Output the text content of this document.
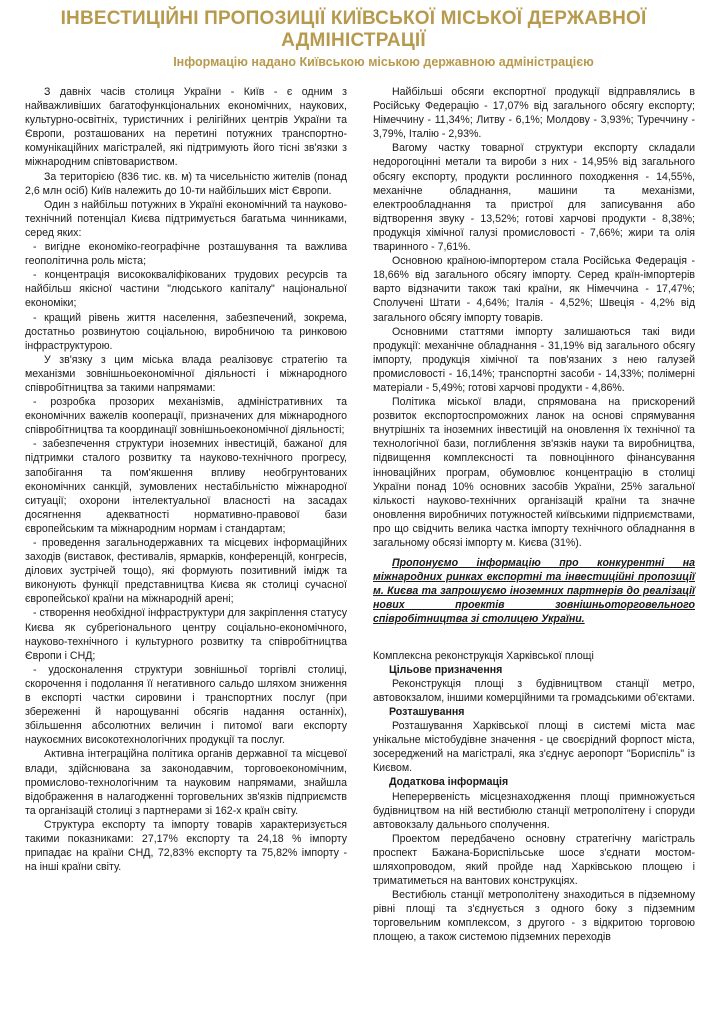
ІНВЕСТИЦІЙНІ ПРОПОЗИЦІЇ КИЇВСЬКОЇ МІСЬКОЇ ДЕРЖАВНОЇ АДМІНІСТРАЦІЇ
Інформацію надано Київською міською державною адміністрацією

З давніх часів столиця України - Київ - є одним з найважливіших багатофункціональних економічних, наукових, культурно-освітніх, туристичних і релігійних центрів України та Європи, розташованих на перетині потужних транспортно-комунікаційних магістралей, які підтримують його тісні зв'язки з міжнародним співтовариством.

За територією (836 тис. кв. м) та чисельністю жителів (понад 2,6 млн осіб) Київ належить до 10-ти найбільших міст Європи.

Один з найбільш потужних в Україні економічний та науково-технічний потенціал Києва підтримується багатьма чинниками, серед яких:

- вигідне економіко-географічне розташування та важлива геополітична роль міста;

- концентрація висококваліфікованих трудових ресурсів та найбільш якісної частини "людського капіталу" національної економіки;

- кращий рівень життя населення, забезпечений, зокрема, достатньо розвинутою соціальною, виробничою та ринковою інфраструктурою.

У зв'язку з цим міська влада реалізовує стратегію та механізми зовнішньоекономічної діяльності і міжнародного співробітництва за такими напрямами:

- розробка прозорих механізмів, адміністративних та економічних важелів кооперації, призначених для міжнародного співробітництва та координації зовнішньоекономічної діяльності;

- забезпечення структури іноземних інвестицій, бажаної для підтримки сталого розвитку та науково-технічного прогресу, запобігання та пом'якшення впливу необгрунтованих економічних санкцій, зумовлених нестабільністю міжнародної ситуації; охорони інтелектуальної власності на засадах досягнення адекватності нормативно-правової бази європейським та міжнародним нормам і стандартам;

- проведення загальнодержавних та місцевих інформаційних заходів (виставок, фестивалів, ярмарків, конференцій, конгресів, ділових зустрічей тощо), які формують позитивний імідж та виконують функції представництва Києва як столиці сучасної європейської країни на міжнародній арені;

- створення необхідної інфраструктури для закріплення статусу Києва як субрегіонального центру соціально-економічного, науково-технічного і культурного розвитку та співробітництва Європи і СНД;

- удосконалення структури зовнішньої торгівлі столиці, скорочення і подолання її негативного сальдо шляхом зниження в експорті частки сировини і транспортних послуг (при збереженні й нарощуванні обсягів надання останніх), збільшення абсолютних величин і питомої ваги експорту наукоємних високотехнологічних продукції та послуг.

Активна інтеграційна політика органів державної та місцевої влади, здійснювана за законодавчим, торговоекономічним, промислово-технологічним та науковим напрямами, знайшла відображення в налагодженні торговельних зв'язків підприємств та організацій столиці з партнерами зі 162-х країн світу.

Структура експорту та імпорту товарів характеризується такими показниками: 27,17% експорту та 24,18 % імпорту припадає на країни СНД, 72,83% експорту та 75,82% імпорту - на інші країни світу.

Найбільші обсяги експортної продукції відправлялись в Російську Федерацію - 17,07% від загального обсягу експорту; Німеччину - 11,34%; Литву - 6,1%; Молдову - 3,93%; Туреччину - 3,79%, Італію - 2,93%.

Вагому частку товарної структури експорту складали недорогоцінні метали та вироби з них - 14,95% від загального обсягу експорту, продукти рослинного походження - 14,55%, механічне обладнання, машини та механізми, електрообладнання та пристрої для записування або відтворення звуку - 13,52%; готові харчові продукти - 8,38%; продукція хімічної галузі промисловості - 7,66%; жири та олія тваринного - 7,61%.

Основною країною-імпортером стала Російська Федерація - 18,66% від загального обсягу імпорту. Серед країн-імпортерів варто відзначити також такі країни, як Німеччина - 17,47%; Сполучені Штати - 4,64%; Італія - 4,52%; Швеція - 4,2% від загального обсягу імпорту товарів.

Основними статтями імпорту залишаються такі види продукції: механічне обладнання - 31,19% від загального обсягу імпорту, продукція хімічної та пов'язаних з нею галузей промисловості - 16,14%; транспортні засоби - 14,33%; полімерні матеріали - 5,49%; готові харчові продукти - 4,86%.

Політика міської влади, спрямована на прискорений розвиток експортоспроможних ланок на основі спрямування внутрішніх та іноземних інвестицій на оновлення їх технічної та технологічної бази, поглиблення зв'язків науки та виробництва, підвищення комплексності та повноцінного фінансування інноваційних програм, обумовлює концентрацію в столиці України понад 10% основних засобів України, 25% загальної кількості науково-технічних організацій країни та значне оновлення виробничих потужностей київськими підприємствами, про що свідчить велика частка імпорту технічного обладнання в загальному обсязі імпорту м. Києва (31%).

Пропонуємо інформацію про конкурентні на міжнародних ринках експортні та інвестиційні пропозиції м. Києва та запрошуємо іноземних партнерів до реалізації нових проектів зовнішньоторговельного співробітництва зі столицею України.

Комплексна реконструкція Харківської площі

Цільове призначення

Реконструкція площі з будівництвом станції метро, автовокзалом, іншими комерційними та громадськими об'єктами.

Розташування

Розташування Харківської площі в системі міста має унікальне містобудівне значення - це своєрідний форпост міста, зосереджений на магістралі, яка з'єднує аеропорт "Бориспіль" із Києвом.

Додаткова інформація

Неперервеність місцезнаходження площі примножується будівництвом на ній вестибюлю станції метрополітену і споруди автовокзалу дальнього сполучення.

Проектом передбачено основну стратегічну магістраль проспект Бажана-Бориспільське шосе з'єднати мостом-шляхопроводом, який пройде над Харківською площею і триматиметься на вантових конструкціях.

Вестибюль станції метрополітену знаходиться в підземному рівні площі та з'єднується з одного боку з підземним торговельним комплексом, з другого - з відкритою торговою площею, а також системою підземних переходів
